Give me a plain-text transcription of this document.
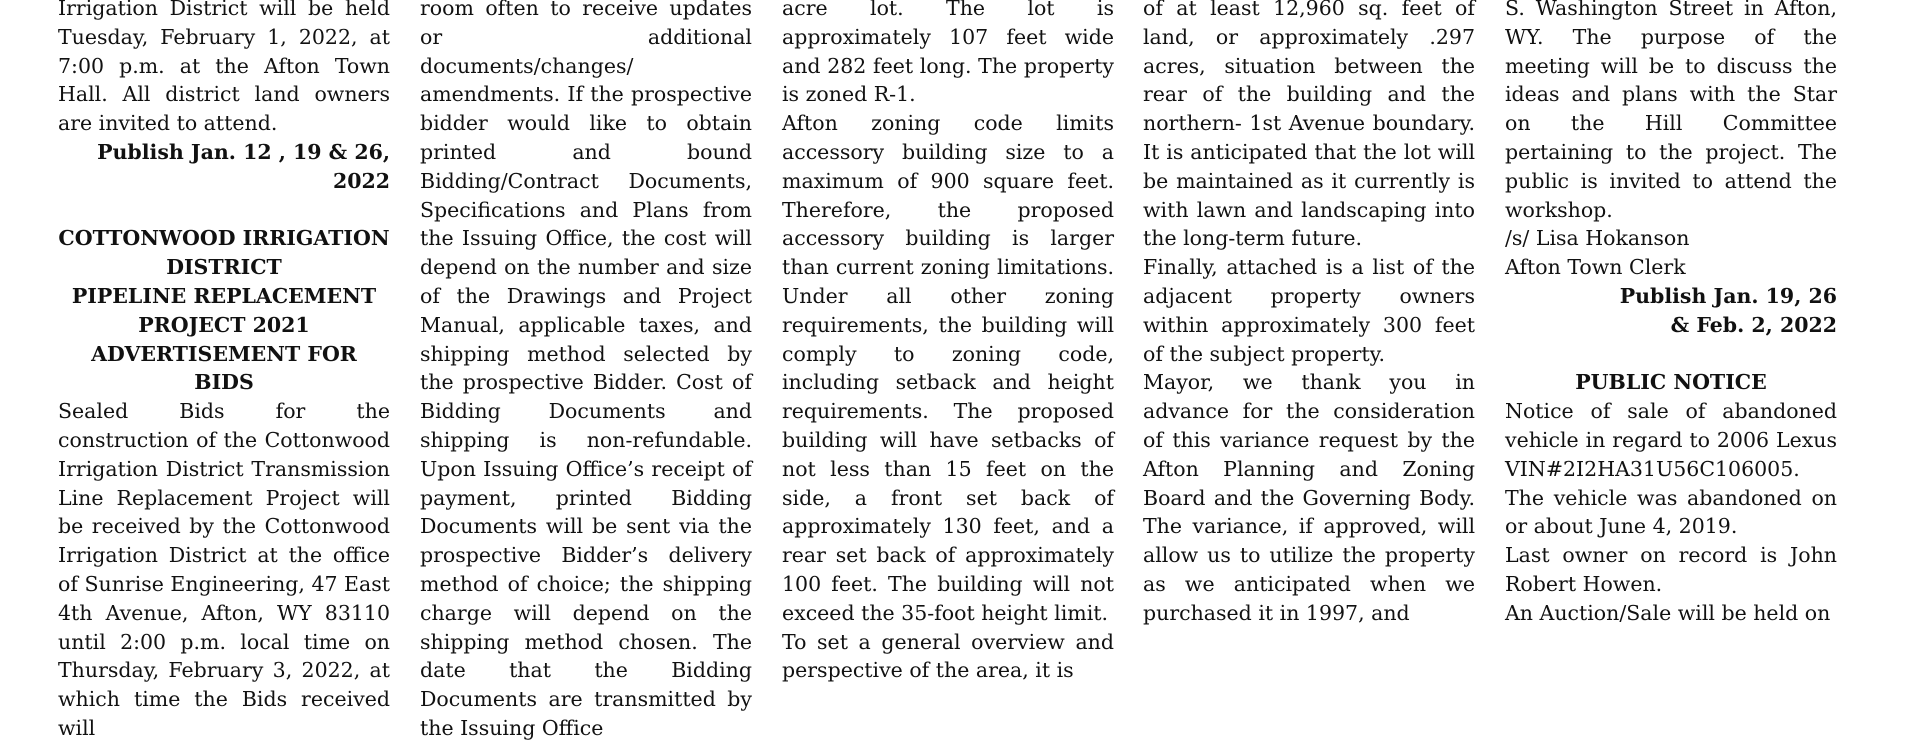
Irrigation District will be held Tuesday, February 1, 2022, at 7:00 p.m. at the Afton Town Hall. All district land owners are invited to attend.

Publish Jan. 12 , 19 & 26, 2022

COTTONWOOD IRRIGATION DISTRICT

PIPELINE REPLACEMENT PROJECT 2021

ADVERTISEMENT FOR BIDS

Sealed Bids for the construction of the Cottonwood Irrigation District Transmission Line Replacement Project will be received by the Cottonwood Irrigation District at the office of Sunrise Engineering, 47 East 4th Avenue, Afton, WY 83110 until 2:00 p.m. local time on Thursday, February 3, 2022, at which time the Bids received will

room often to receive updates or additional documents/changes/ amendments. If the prospective bidder would like to obtain printed and bound Bidding/Contract Documents, Specifications and Plans from the Issuing Office, the cost will depend on the number and size of the Drawings and Project Manual, applicable taxes, and shipping method selected by the prospective Bidder. Cost of Bidding Documents and shipping is non-refundable. Upon Issuing Office’s receipt of payment, printed Bidding Documents will be sent via the prospective Bidder’s delivery method of choice; the shipping charge will depend on the shipping method chosen. The date that the Bidding Documents are transmitted by the Issuing Office

acre lot. The lot is approximately 107 feet wide and 282 feet long. The property is zoned R-1.

Afton zoning code limits accessory building size to a maximum of 900 square feet. Therefore, the proposed accessory building is larger than current zoning limitations. Under all other zoning requirements, the building will comply to zoning code, including setback and height requirements. The proposed building will have setbacks of not less than 15 feet on the side, a front set back of approximately 130 feet, and a rear set back of approximately 100 feet. The building will not exceed the 35-foot height limit.

To set a general overview and perspective of the area, it is

of at least 12,960 sq. feet of land, or approximately .297 acres, situation between the rear of the building and the northern- 1st Avenue boundary. It is anticipated that the lot will be maintained as it currently is with lawn and landscaping into the long-term future.

Finally, attached is a list of the adjacent property owners within approximately 300 feet of the subject property.

Mayor, we thank you in advance for the consideration of this variance request by the Afton Planning and Zoning Board and the Governing Body. The variance, if approved, will allow us to utilize the property as we anticipated when we purchased it in 1997, and

S. Washington Street in Afton, WY. The purpose of the meeting will be to discuss the ideas and plans with the Star on the Hill Committee pertaining to the project. The public is invited to attend the workshop.

/s/ Lisa Hokanson

Afton Town Clerk

Publish Jan. 19, 26

& Feb. 2, 2022

PUBLIC NOTICE

Notice of sale of abandoned vehicle in regard to 2006 Lexus VIN#2I2HA31U56C106005.

The vehicle was abandoned on or about June 4, 2019.

Last owner on record is John Robert Howen.

An Auction/Sale will be held on
